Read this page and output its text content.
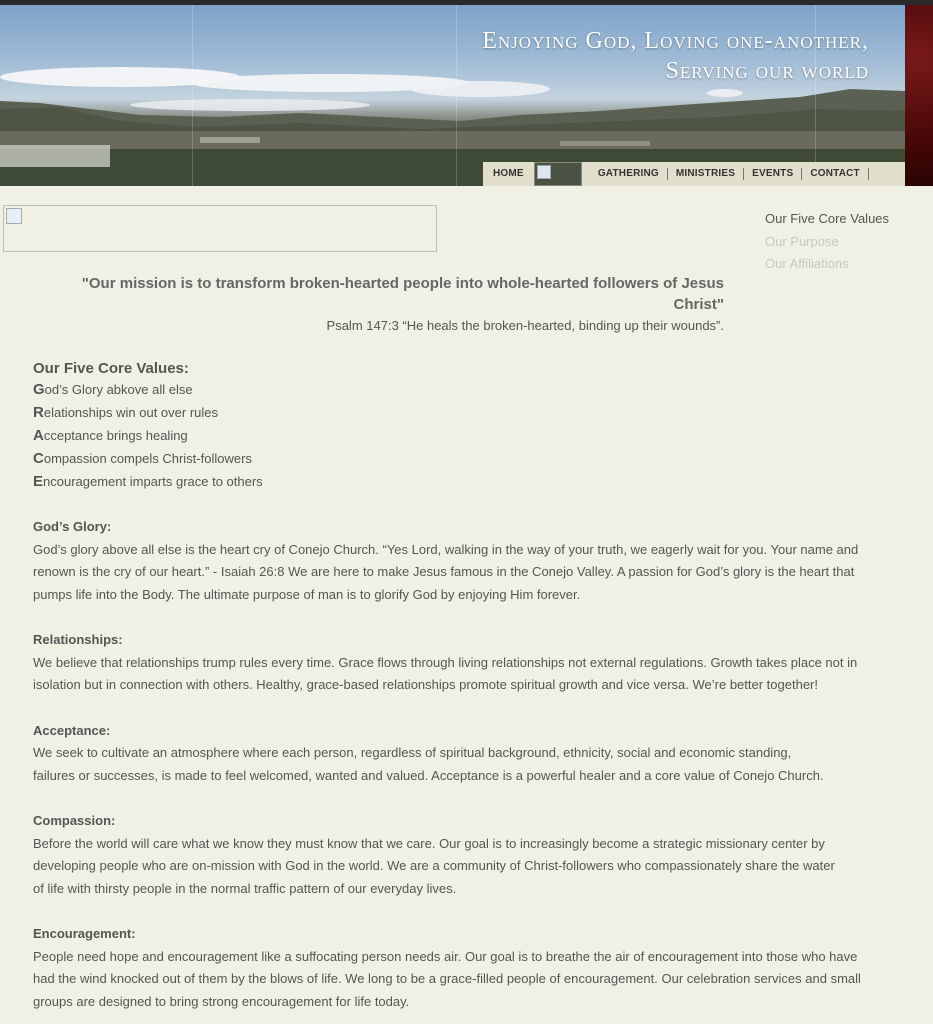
Enjoying God, Loving one-another,
Serving our world
HOME	GATHERING	MINISTRIES	EVENTS	CONTACT
Our Five Core Values
Our Purpose
Our Affiliations
"Our mission is to transform broken-hearted people into whole-hearted followers of Jesus Christ"
Psalm 147:3 “He heals the broken-hearted, binding up their wounds”.
Our Five Core Values:
God’s Glory abkove all else
Relationships win out over rules
Acceptance brings healing
Compassion compels Christ-followers
Encouragement imparts grace to others
God’s Glory:
God’s glory above all else is the heart cry of Conejo Church. “Yes Lord, walking in the way of your truth, we eagerly wait for you. Your name and
renown is the cry of our heart.” - Isaiah 26:8 We are here to make Jesus famous in the Conejo Valley. A passion for God’s glory is the heart that
pumps life into the Body. The ultimate purpose of man is to glorify God by enjoying Him forever.
Relationships:
We believe that relationships trump rules every time. Grace flows through living relationships not external regulations. Growth takes place not in
isolation but in connection with others. Healthy, grace-based relationships promote spiritual growth and vice versa. We’re better together!
Acceptance:
We seek to cultivate an atmosphere where each person, regardless of spiritual background, ethnicity, social and economic standing,
failures or successes, is made to feel welcomed, wanted and valued. Acceptance is a powerful healer and a core value of Conejo Church.
Compassion:
Before the world will care what we know they must know that we care. Our goal is to increasingly become a strategic missionary center by
developing people who are on-mission with God in the world. We are a community of Christ-followers who compassionately share the water
of life with thirsty people in the normal traffic pattern of our everyday lives.
Encouragement:
People need hope and encouragement like a suffocating person needs air. Our goal is to breathe the air of encouragement into those who have
had the wind knocked out of them by the blows of life. We long to be a grace-filled people of encouragement. Our celebration services and small
groups are designed to bring strong encouragement for life today.
